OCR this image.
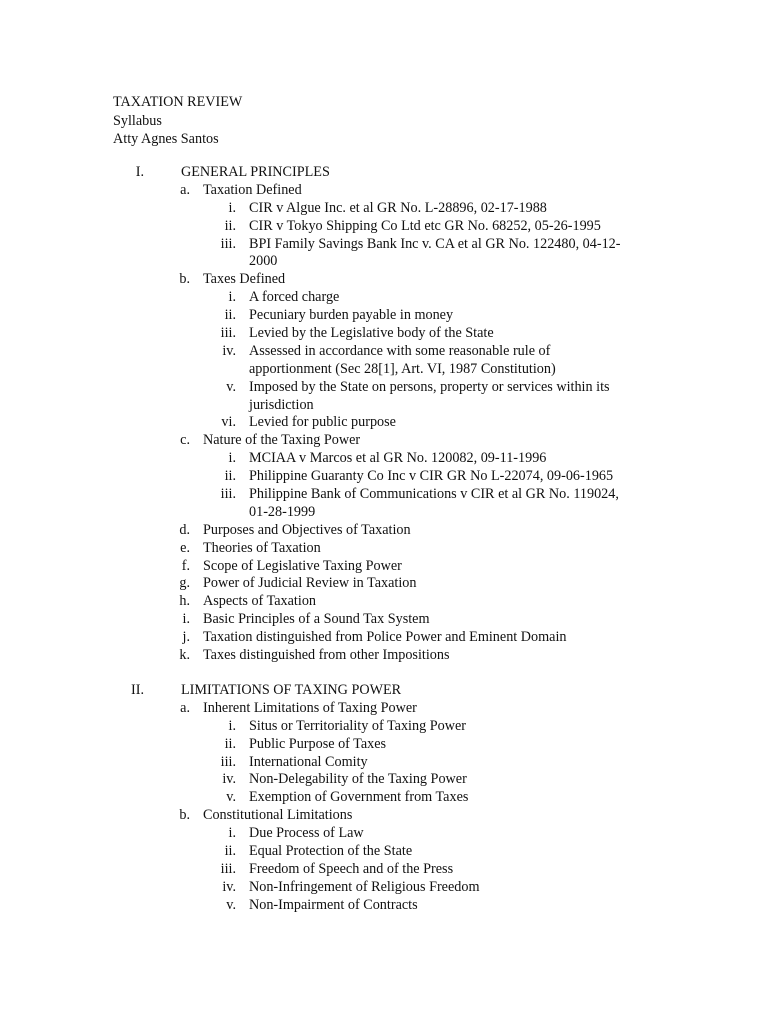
TAXATION REVIEW
Syllabus
Atty Agnes Santos
I.	GENERAL PRINCIPLES
a. Taxation Defined
i. CIR v Algue Inc. et al GR No. L-28896, 02-17-1988
ii. CIR v Tokyo Shipping Co Ltd etc GR No. 68252, 05-26-1995
iii. BPI Family Savings Bank Inc v. CA et al GR No. 122480, 04-12-
2000
b. Taxes Defined
i. A forced charge
ii. Pecuniary burden payable in money
iii. Levied by the Legislative body of the State
iv. Assessed in accordance with some reasonable rule of
apportionment (Sec 28[1], Art. VI, 1987 Constitution)
v. Imposed by the State on persons, property or services within its
jurisdiction
vi. Levied for public purpose
c. Nature of the Taxing Power
i. MCIAA v Marcos et al GR No. 120082, 09-11-1996
ii. Philippine Guaranty Co Inc v CIR GR No L-22074, 09-06-1965
iii. Philippine Bank of Communications v CIR et al GR No. 119024,
01-28-1999
d. Purposes and Objectives of Taxation
e. Theories of Taxation
f. Scope of Legislative Taxing Power
g. Power of Judicial Review in Taxation
h. Aspects of Taxation
i. Basic Principles of a Sound Tax System
j. Taxation distinguished from Police Power and Eminent Domain
k. Taxes distinguished from other Impositions
II.	LIMITATIONS OF TAXING POWER
a. Inherent Limitations of Taxing Power
i. Situs or Territoriality of Taxing Power
ii. Public Purpose of Taxes
iii. International Comity
iv. Non-Delegability of the Taxing Power
v. Exemption of Government from Taxes
b. Constitutional Limitations
i. Due Process of Law
ii. Equal Protection of the State
iii. Freedom of Speech and of the Press
iv. Non-Infringement of Religious Freedom
v. Non-Impairment of Contracts
